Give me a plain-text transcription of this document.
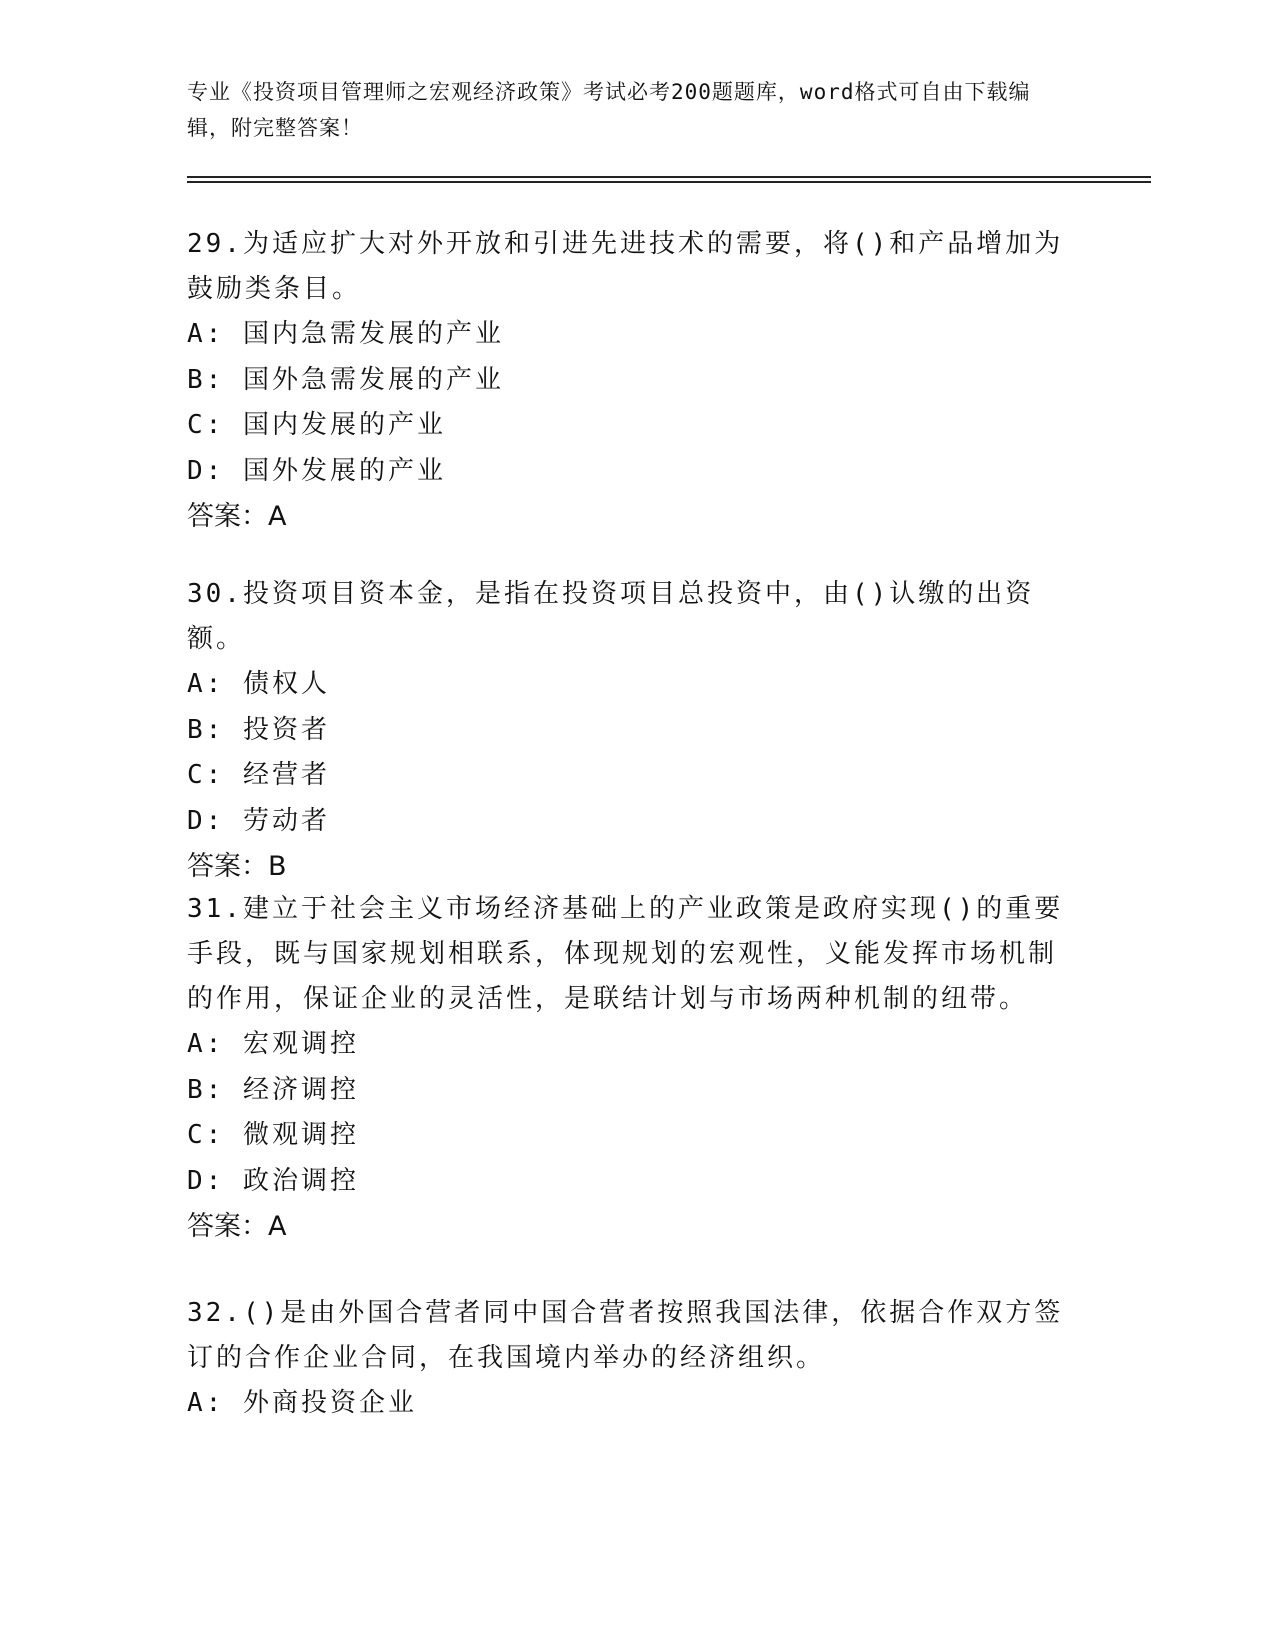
专业《投资项目管理师之宏观经济政策》考试必考200题题库，word格式可自由下载编辑，附完整答案！

29.为适应扩大对外开放和引进先进技术的需要，将()和产品增加为鼓励类条目。

A: 国内急需发展的产业

B: 国外急需发展的产业

C: 国内发展的产业

D: 国外发展的产业

答案：A

30.投资项目资本金，是指在投资项目总投资中，由()认缴的出资额。

A: 债权人

B: 投资者

C: 经营者

D: 劳动者

答案：B

31.建立于社会主义市场经济基础上的产业政策是政府实现()的重要手段，既与国家规划相联系，体现规划的宏观性，义能发挥市场机制的作用，保证企业的灵活性，是联结计划与市场两种机制的纽带。

A: 宏观调控

B: 经济调控

C: 微观调控

D: 政治调控

答案：A

32.()是由外国合营者同中国合营者按照我国法律，依据合作双方签订的合作企业合同，在我国境内举办的经济组织。

A: 外商投资企业
